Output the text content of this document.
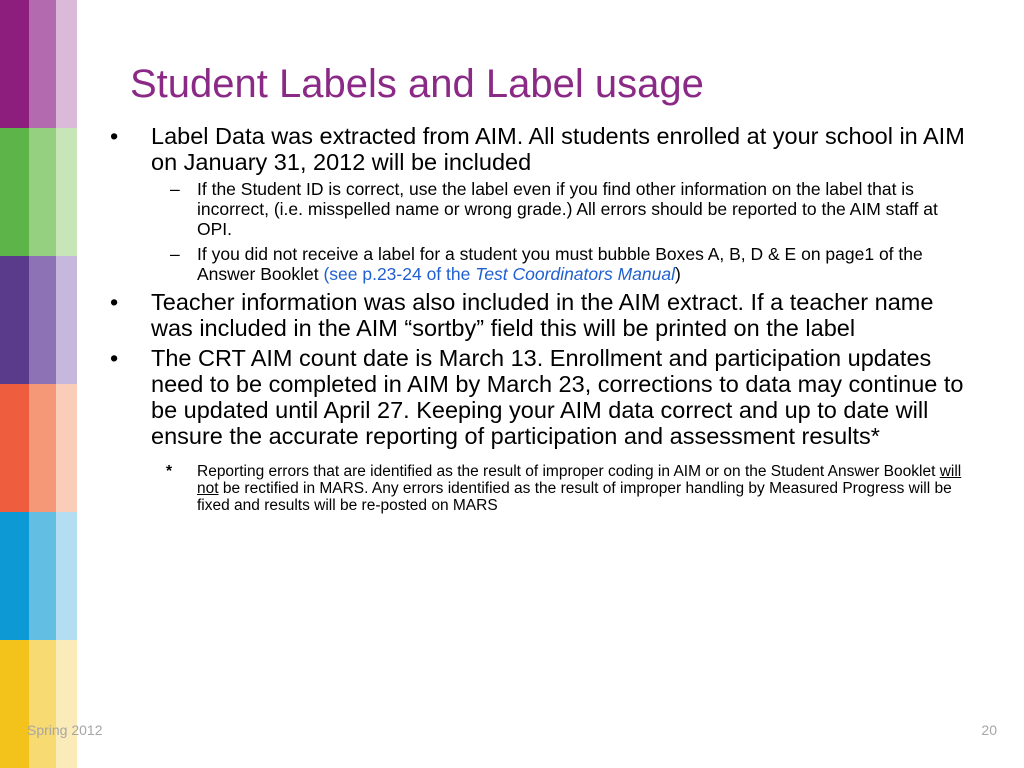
Student Labels and Label usage
• Label Data was extracted from AIM. All students enrolled at your school in AIM on January 31, 2012 will be included
– If the Student ID is correct, use the label even if you find other information on the label that is incorrect, (i.e. misspelled name or wrong grade.) All errors should be reported to the AIM staff at OPI.
– If you did not receive a label for a student you must bubble Boxes A, B, D & E on page1 of the Answer Booklet (see p.23-24 of the Test Coordinators Manual)
• Teacher information was also included in the AIM extract. If a teacher name was included in the AIM “sortby” field this will be printed on the label
• The CRT AIM count date is March 13. Enrollment and participation updates need to be completed in AIM by March 23, corrections to data may continue to be updated until April 27. Keeping your AIM data correct and up to date will ensure the accurate reporting of participation and assessment results*
* Reporting errors that are identified as the result of improper coding in AIM or on the Student Answer Booklet will not be rectified in MARS. Any errors identified as the result of improper handling by Measured Progress will be fixed and results will be re-posted on MARS
Spring 2012	20
